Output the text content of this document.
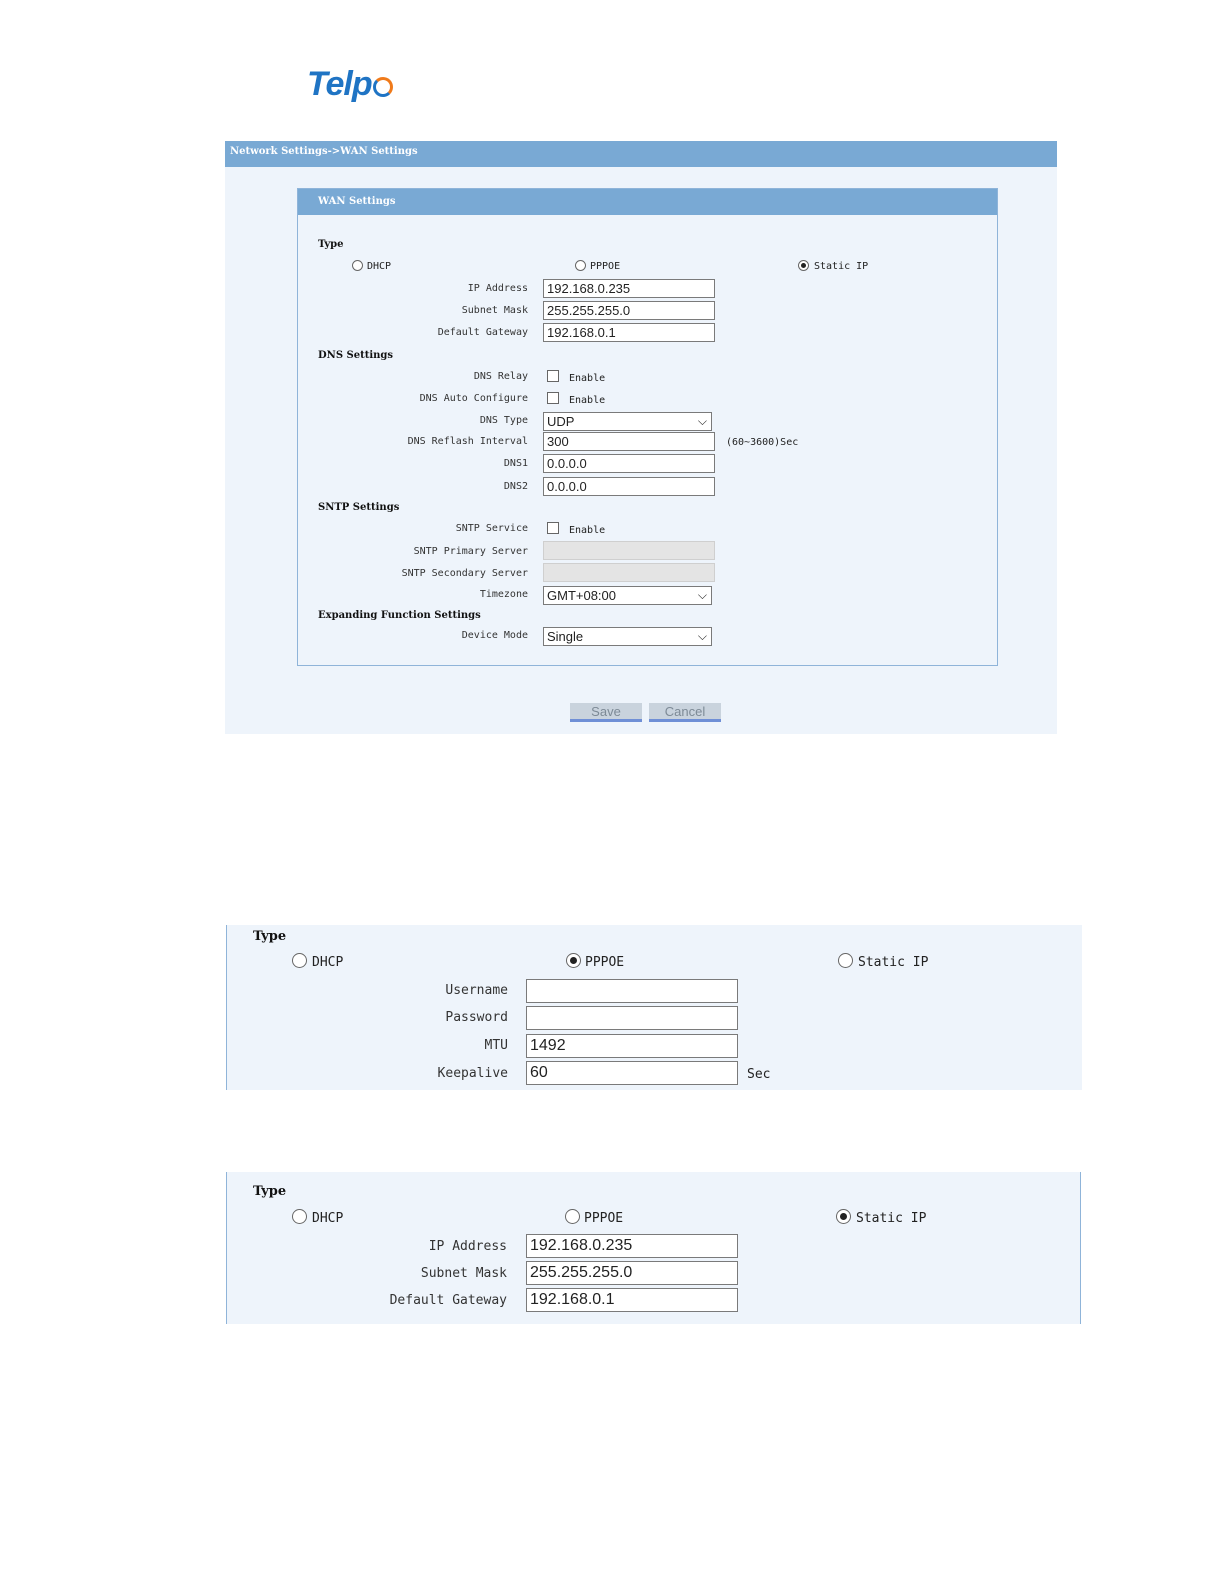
Telp
Network Settings->WAN Settings
WAN Settings
Type
DHCP	PPPOE	Static IP
IP Address	192.168.0.235
Subnet Mask	255.255.255.0
Default Gateway	192.168.0.1
DNS Settings
DNS Relay	Enable
DNS Auto Configure	Enable
DNS Type	UDP	⌵
DNS Reflash Interval	300	(60~3600)Sec
DNS1	0.0.0.0
DNS2	0.0.0.0
SNTP Settings
SNTP Service	Enable
SNTP Primary Server
SNTP Secondary Server
Timezone	GMT+08:00	⌵
Expanding Function Settings
Device Mode	Single	⌵
Save	Cancel
Type
DHCP	PPPOE	Static IP
Username
Password
MTU 1492
Keepalive 60	Sec
Type
DHCP	PPPOE	Static IP
IP Address 192.168.0.235
Subnet Mask 255.255.255.0
Default Gateway 192.168.0.1
